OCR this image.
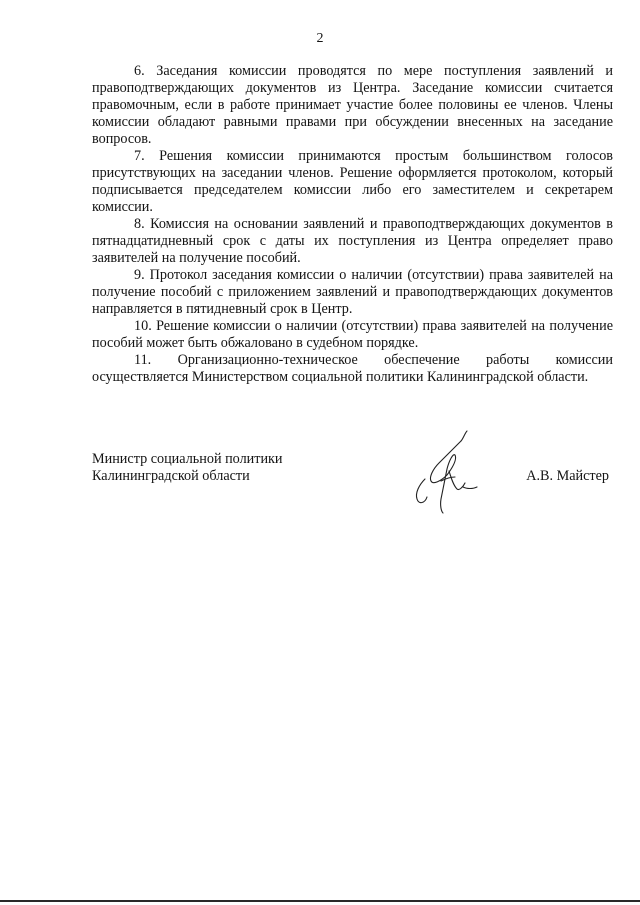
2

6. Заседания комиссии проводятся по мере поступления заявлений и правоподтверждающих документов из Центра. Заседание комиссии считается правомочным, если в работе принимает участие более половины ее членов. Члены комиссии обладают равными правами при обсуждении внесенных на заседание вопросов.

7. Решения комиссии принимаются простым большинством голосов присутствующих на заседании членов. Решение оформляется протоколом, который подписывается председателем комиссии либо его заместителем и секретарем комиссии.

8. Комиссия на основании заявлений и правоподтверждающих документов в пятнадцатидневный срок с даты их поступления из Центра определяет право заявителей на получение пособий.

9. Протокол заседания комиссии о наличии (отсутствии) права заявителей на получение пособий с приложением заявлений и правоподтверждающих документов направляется в пятидневный срок в Центр.

10. Решение комиссии о наличии (отсутствии) права заявителей на получение пособий может быть обжаловано в судебном порядке.

11. Организационно-техническое обеспечение работы комиссии осуществляется Министерством социальной политики Калининградской области.

Министр социальной политики
Калининградской области	А.В. Майстер
